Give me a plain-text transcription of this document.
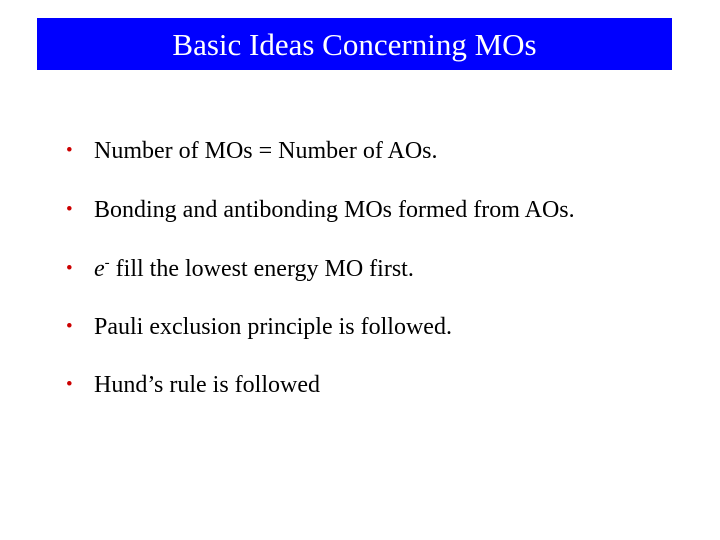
Basic Ideas Concerning MOs
• Number of MOs = Number of AOs.
• Bonding and antibonding MOs formed from AOs.
• e- fill the lowest energy MO first.
• Pauli exclusion principle is followed.
• Hund’s rule is followed
